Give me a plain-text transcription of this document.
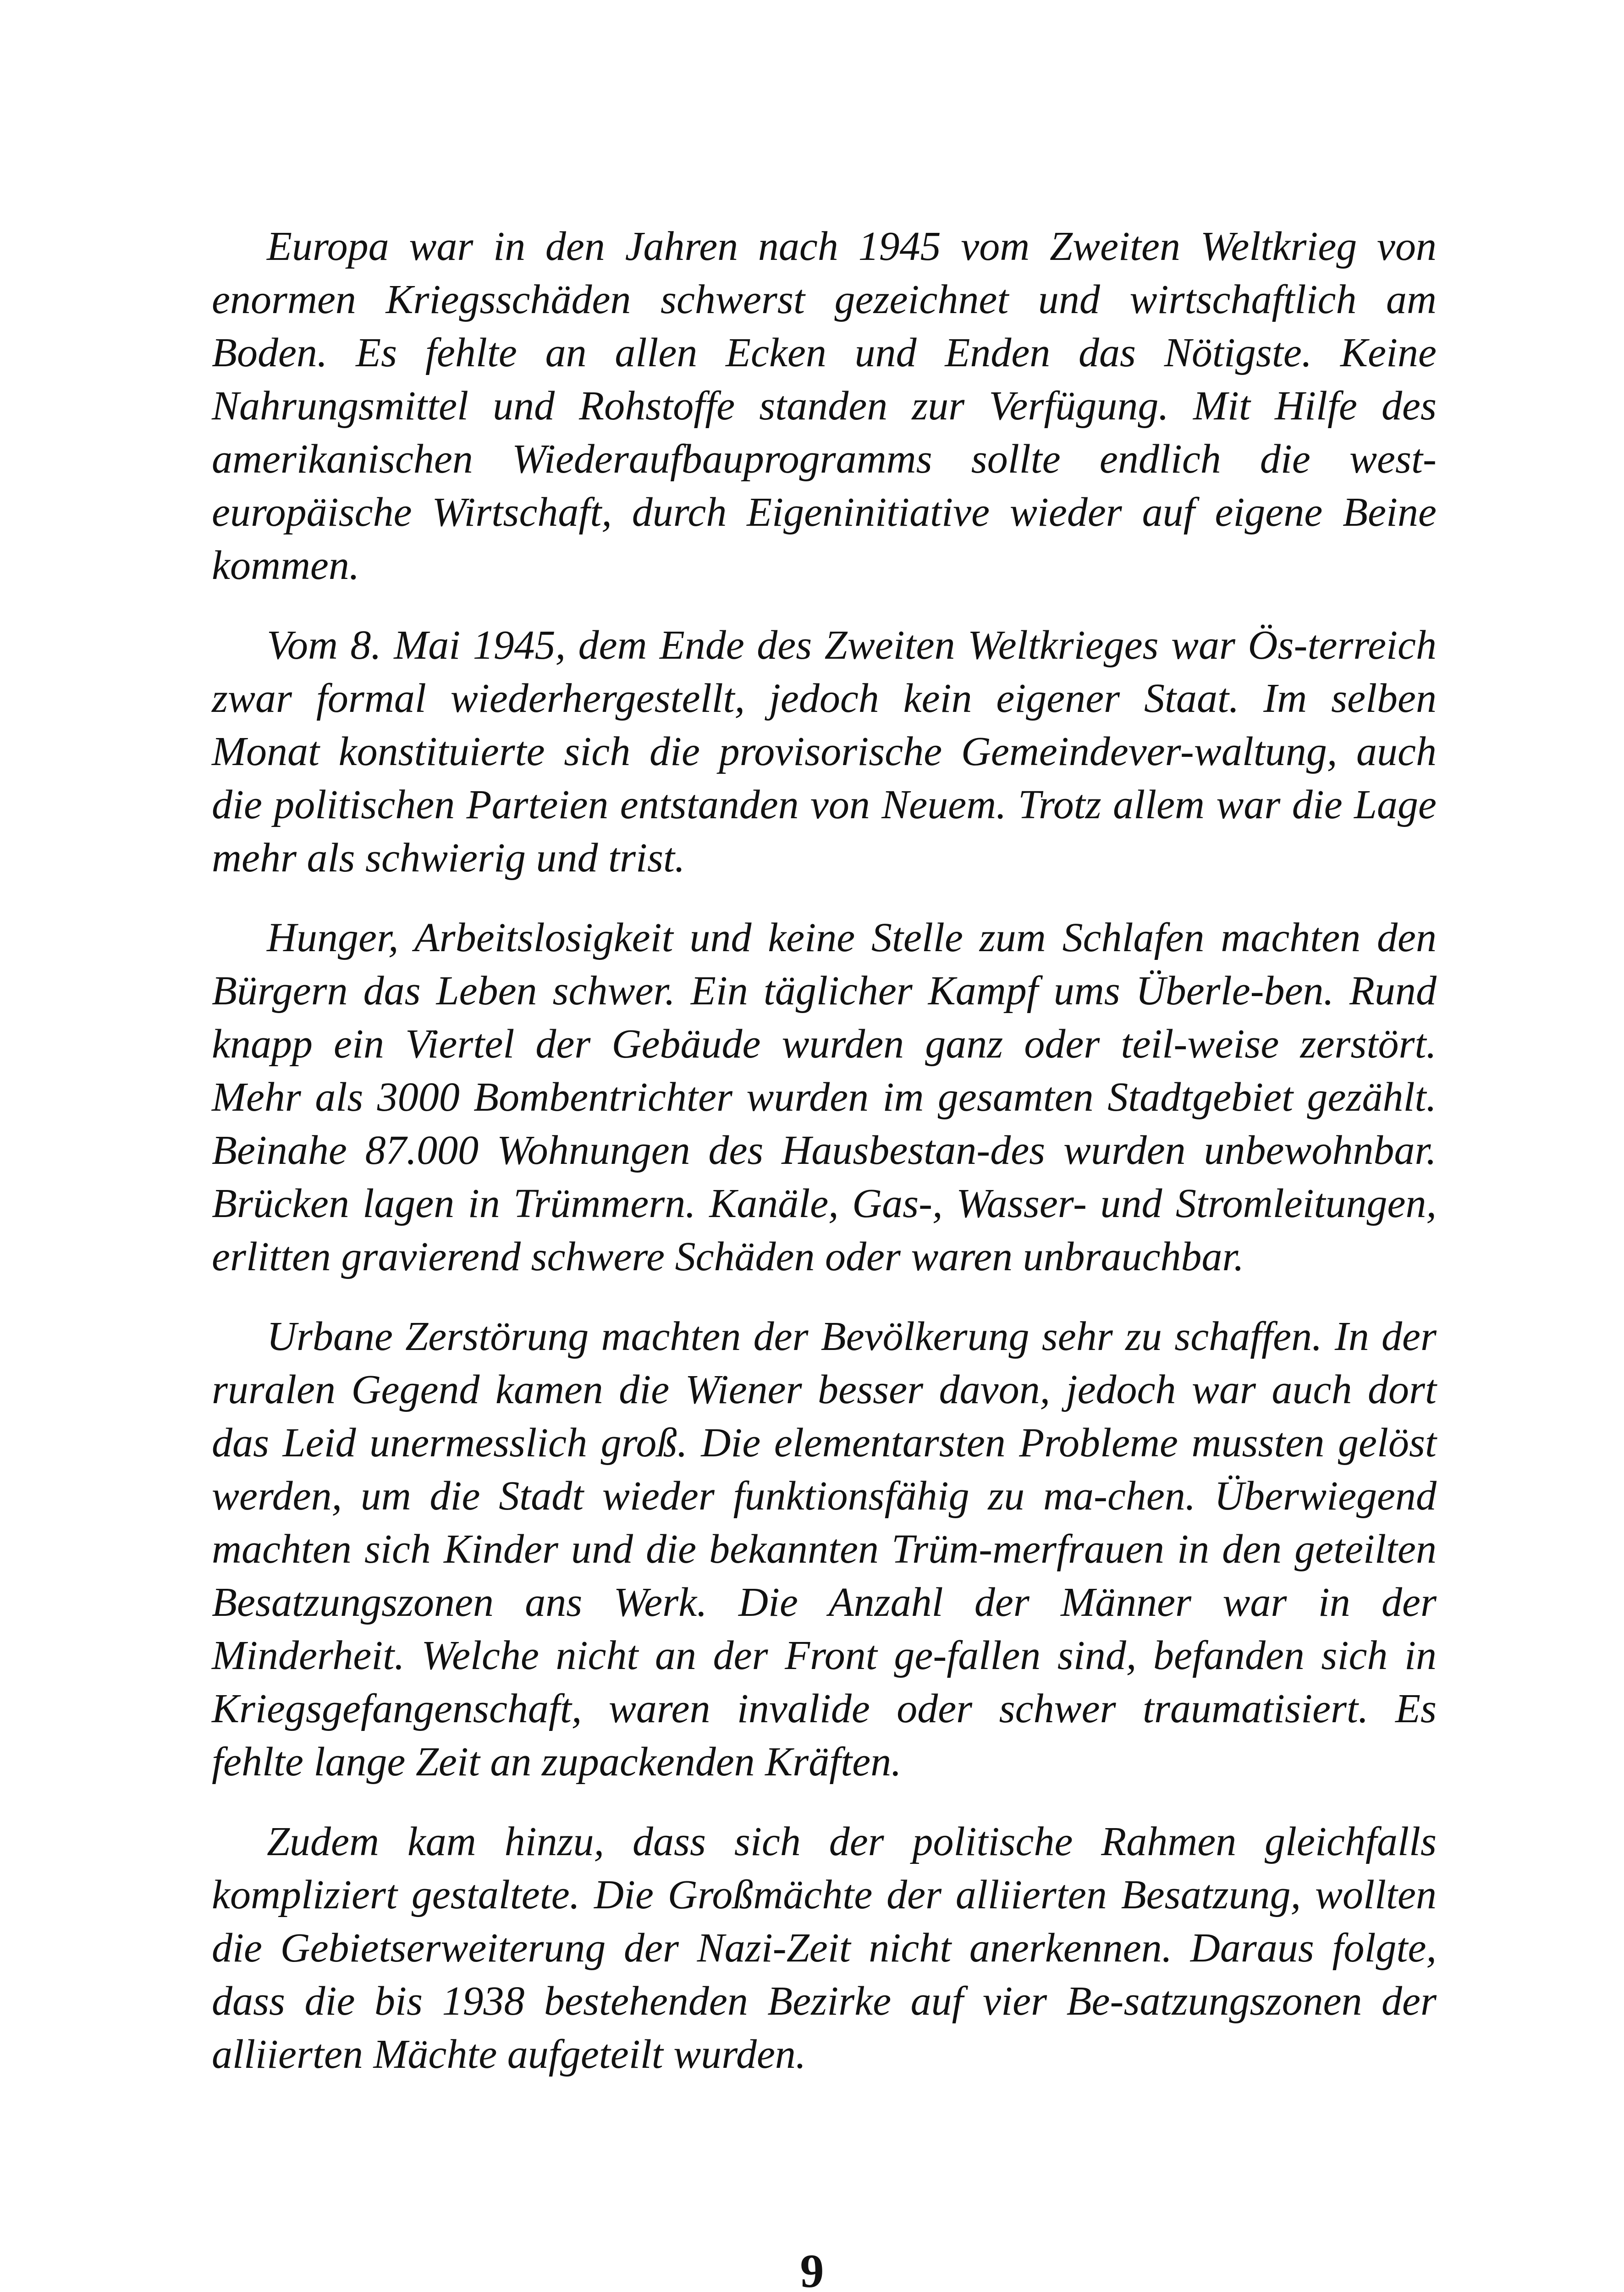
Europa war in den Jahren nach 1945 vom Zweiten Weltkrieg von enormen Kriegsschäden schwerst gezeichnet und wirtschaftlich am Boden. Es fehlte an allen Ecken und Enden das Nötigste. Keine Nahrungsmittel und Rohstoffe standen zur Verfügung. Mit Hilfe des amerikanischen Wiederaufbauprogramms sollte endlich die west-europäische Wirtschaft, durch Eigeninitiative wieder auf eigene Beine kommen.

Vom 8. Mai 1945, dem Ende des Zweiten Weltkrieges war Ös-terreich zwar formal wiederhergestellt, jedoch kein eigener Staat. Im selben Monat konstituierte sich die provisorische Gemeindever-waltung, auch die politischen Parteien entstanden von Neuem. Trotz allem war die Lage mehr als schwierig und trist.

Hunger, Arbeitslosigkeit und keine Stelle zum Schlafen machten den Bürgern das Leben schwer. Ein täglicher Kampf ums Überle-ben. Rund knapp ein Viertel der Gebäude wurden ganz oder teil-weise zerstört. Mehr als 3000 Bombentrichter wurden im gesamten Stadtgebiet gezählt. Beinahe 87.000 Wohnungen des Hausbestan-des wurden unbewohnbar. Brücken lagen in Trümmern. Kanäle, Gas-, Wasser- und Stromleitungen, erlitten gravierend schwere Schäden oder waren unbrauchbar.

Urbane Zerstörung machten der Bevölkerung sehr zu schaffen. In der ruralen Gegend kamen die Wiener besser davon, jedoch war auch dort das Leid unermesslich groß. Die elementarsten Probleme mussten gelöst werden, um die Stadt wieder funktionsfähig zu ma-chen. Überwiegend machten sich Kinder und die bekannten Trüm-merfrauen in den geteilten Besatzungszonen ans Werk. Die Anzahl der Männer war in der Minderheit. Welche nicht an der Front ge-fallen sind, befanden sich in Kriegsgefangenschaft, waren invalide oder schwer traumatisiert. Es fehlte lange Zeit an zupackenden Kräften.

Zudem kam hinzu, dass sich der politische Rahmen gleichfalls kompliziert gestaltete. Die Großmächte der alliierten Besatzung, wollten die Gebietserweiterung der Nazi-Zeit nicht anerkennen. Daraus folgte, dass die bis 1938 bestehenden Bezirke auf vier Be-satzungszonen der alliierten Mächte aufgeteilt wurden.

9
